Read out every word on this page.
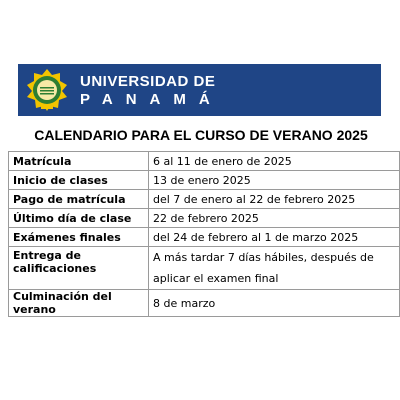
UNIVERSIDAD DE
PANAMÁ
CALENDARIO PARA EL CURSO DE VERANO 2025
Matrícula	6 al 11 de enero de 2025
Inicio de clases	13 de enero 2025
Pago de matrícula	del 7 de enero al 22 de febrero 2025
Último día de clase	22 de febrero 2025
Exámenes finales	del 24 de febrero al 1 de marzo 2025
Entrega de calificaciones	A más tardar 7 días hábiles, después de aplicar el examen final
Culminación del verano	8 de marzo
